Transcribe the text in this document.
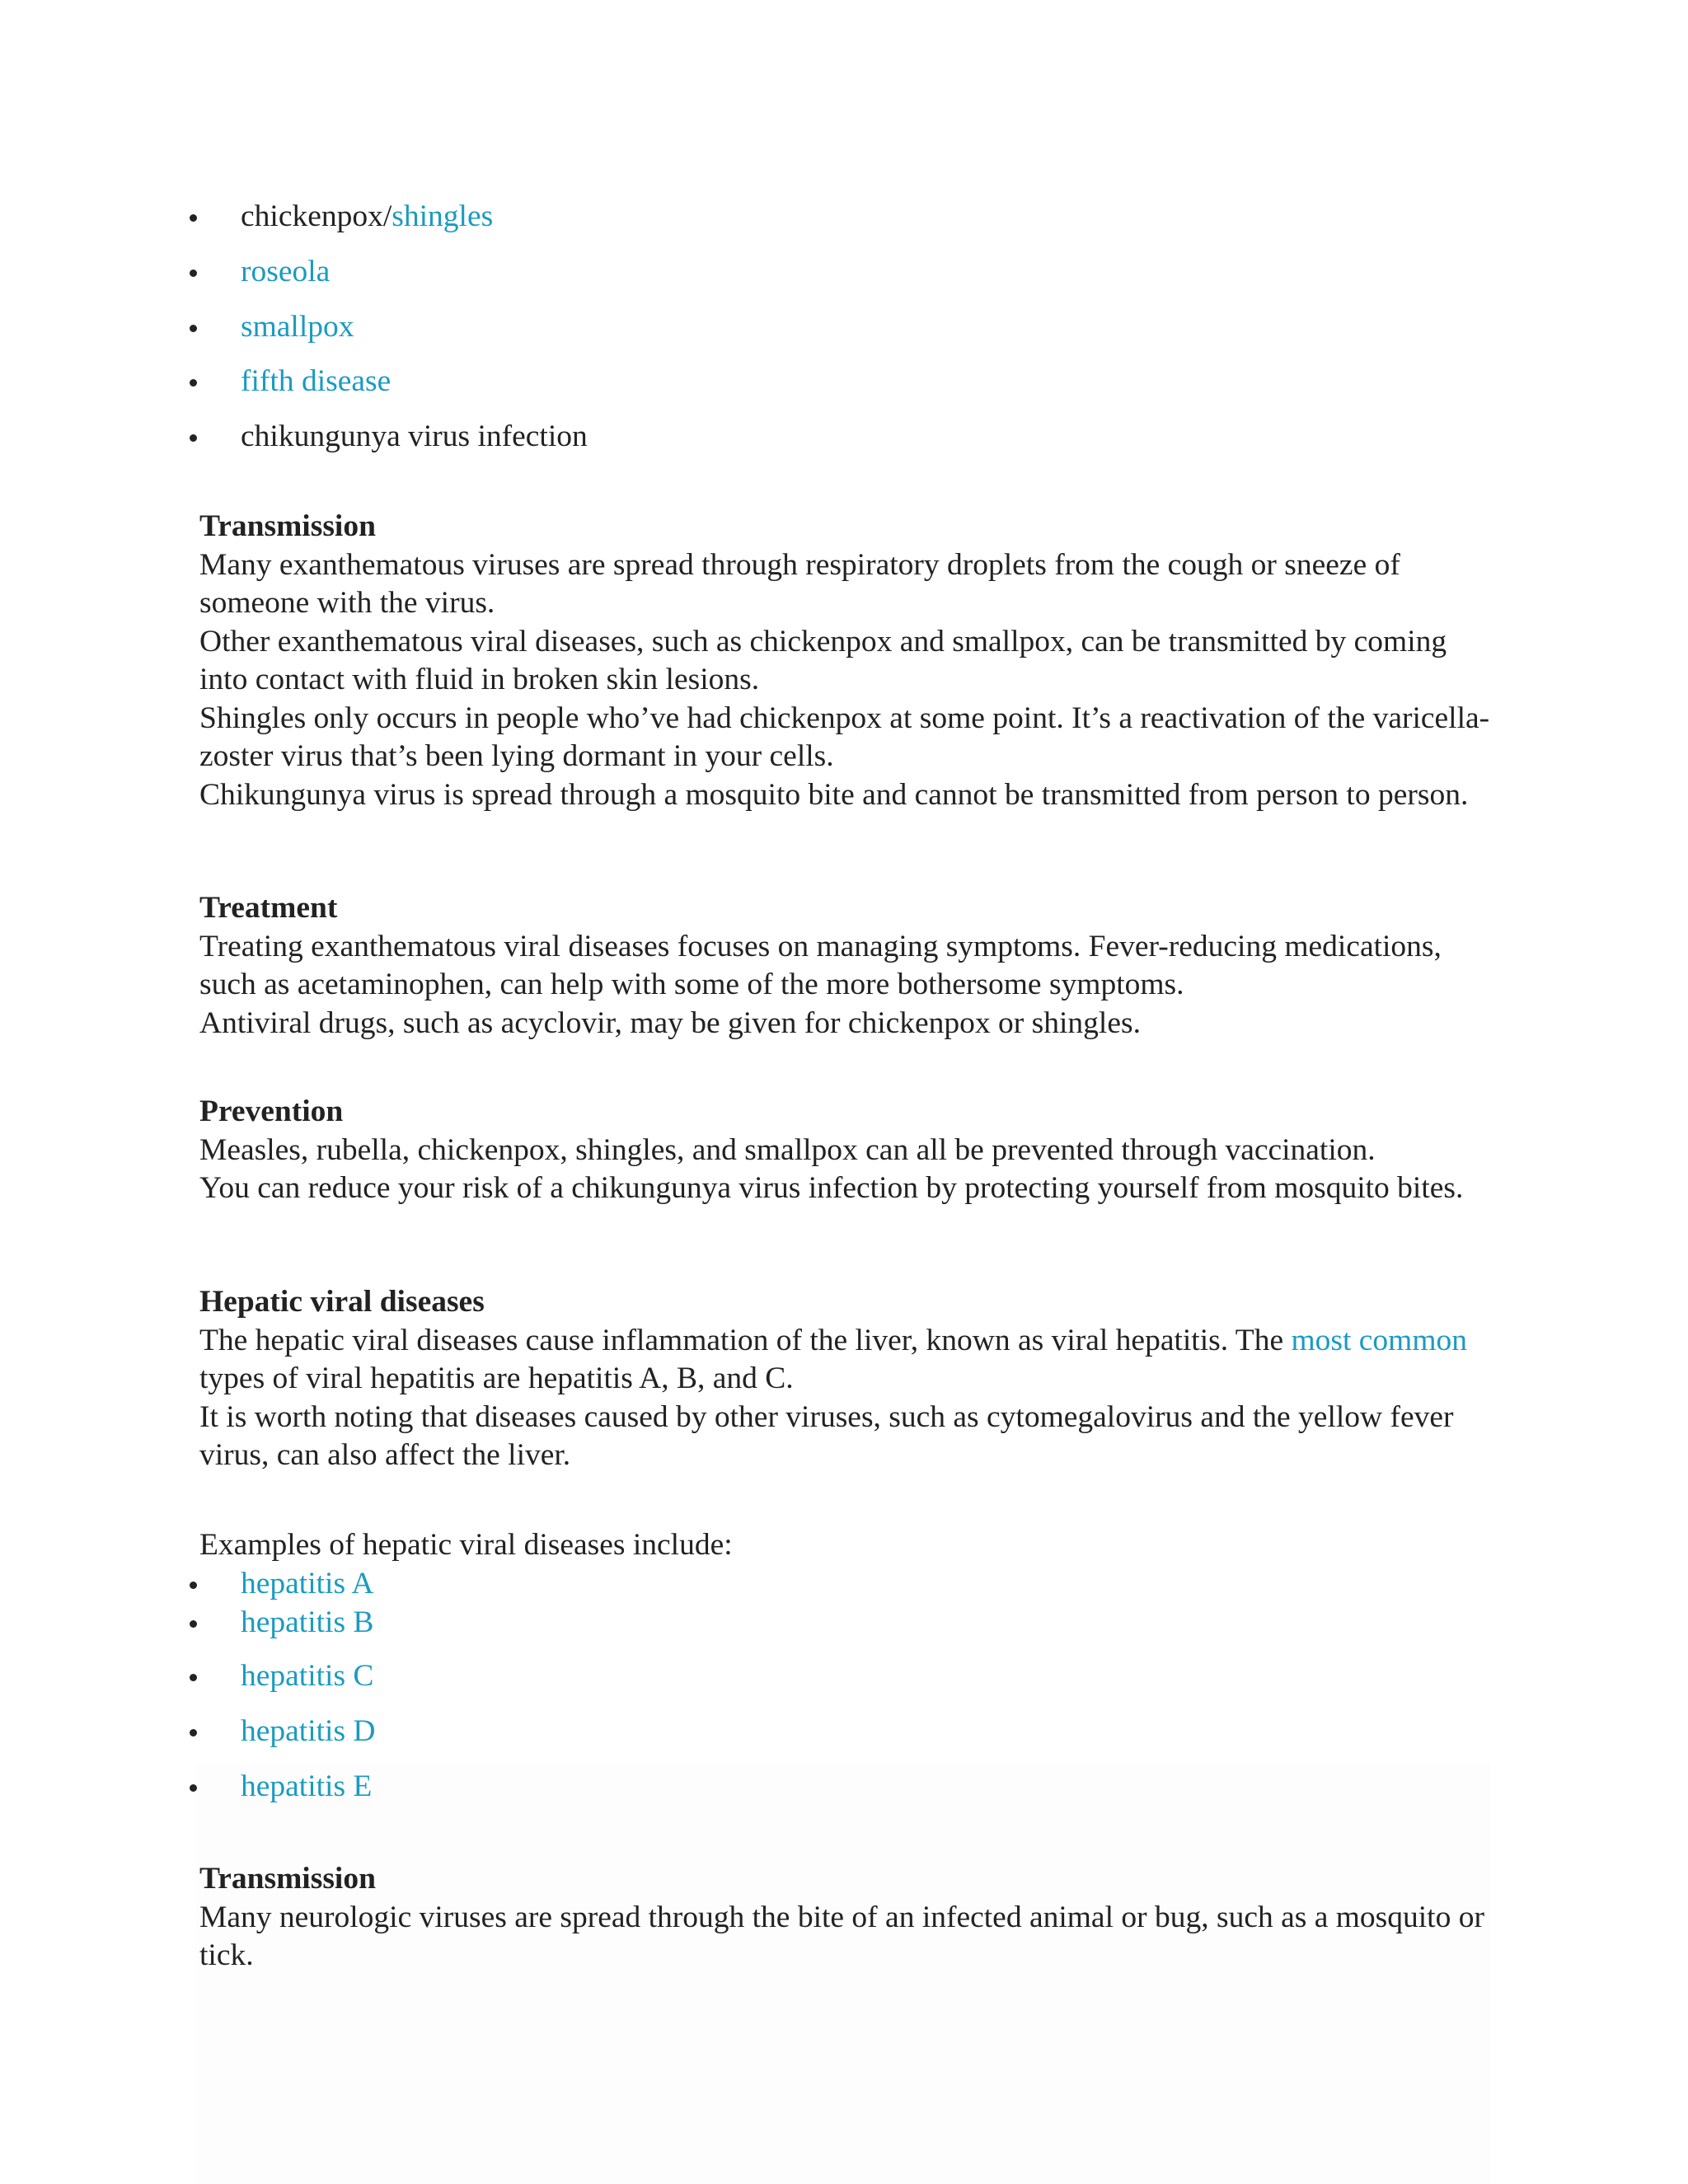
chickenpox/shingles
roseola
smallpox
fifth disease
chikungunya virus infection
Transmission
Many exanthematous viruses are spread through respiratory droplets from the cough or sneeze of someone with the virus.
Other exanthematous viral diseases, such as chickenpox and smallpox, can be transmitted by coming into contact with fluid in broken skin lesions.
Shingles only occurs in people who’ve had chickenpox at some point. It’s a reactivation of the varicella-zoster virus that’s been lying dormant in your cells.
Chikungunya virus is spread through a mosquito bite and cannot be transmitted from person to person.
Treatment
Treating exanthematous viral diseases focuses on managing symptoms. Fever-reducing medications, such as acetaminophen, can help with some of the more bothersome symptoms.
Antiviral drugs, such as acyclovir, may be given for chickenpox or shingles.
Prevention
Measles, rubella, chickenpox, shingles, and smallpox can all be prevented through vaccination.
You can reduce your risk of a chikungunya virus infection by protecting yourself from mosquito bites.
Hepatic viral diseases
The hepatic viral diseases cause inflammation of the liver, known as viral hepatitis. The most common types of viral hepatitis are hepatitis A, B, and C.
It is worth noting that diseases caused by other viruses, such as cytomegalovirus and the yellow fever virus, can also affect the liver.
Examples of hepatic viral diseases include:
hepatitis A
hepatitis B
hepatitis C
hepatitis D
hepatitis E
Transmission
Many neurologic viruses are spread through the bite of an infected animal or bug, such as a mosquito or tick.
